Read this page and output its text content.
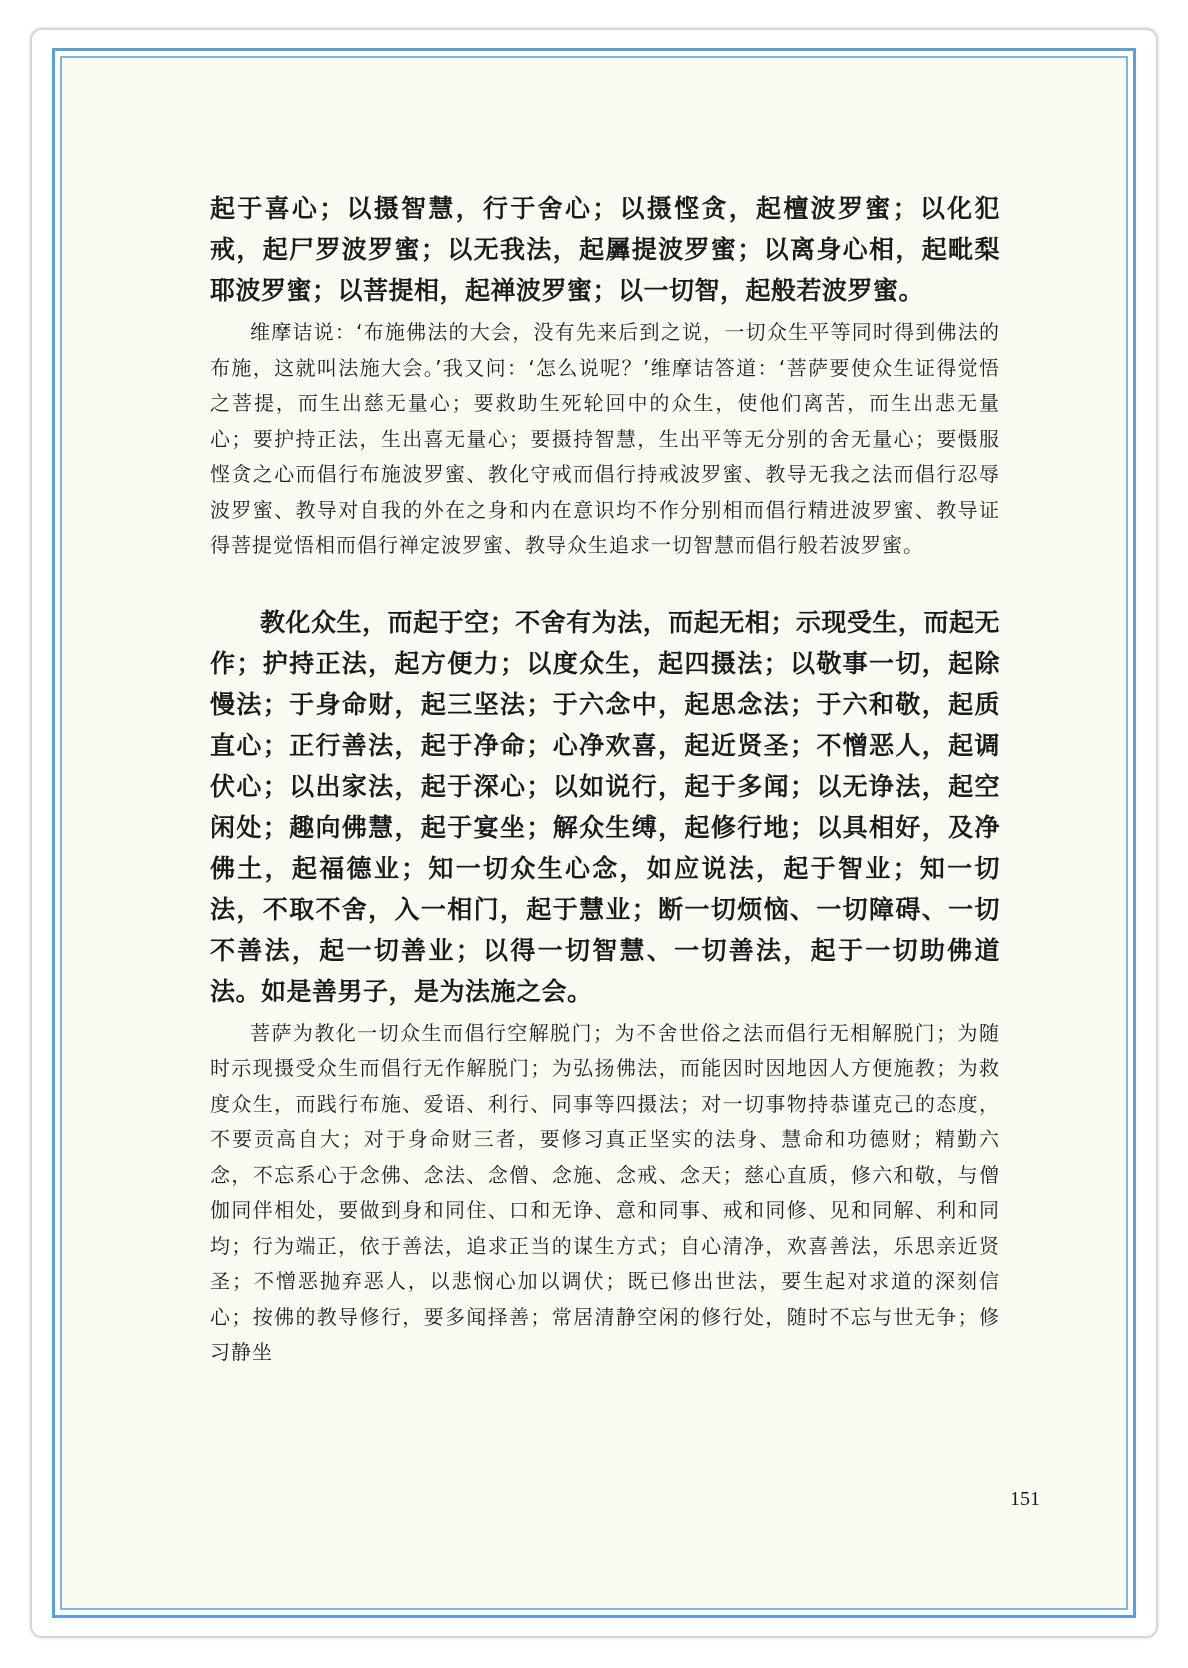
起于喜心；以摄智慧，行于舍心；以摄悭贪，起檀波罗蜜；以化犯戒，起尸罗波罗蜜；以无我法，起羼提波罗蜜；以离身心相，起毗梨耶波罗蜜；以菩提相，起禅波罗蜜；以一切智，起般若波罗蜜。

维摩诘说：‘布施佛法的大会，没有先来后到之说，一切众生平等同时得到佛法的布施，这就叫法施大会。’我又问：‘怎么说呢？’维摩诘答道：‘菩萨要使众生证得觉悟之菩提，而生出慈无量心；要救助生死轮回中的众生，使他们离苦，而生出悲无量心；要护持正法，生出喜无量心；要摄持智慧，生出平等无分别的舍无量心；要慑服悭贪之心而倡行布施波罗蜜、教化守戒而倡行持戒波罗蜜、教导无我之法而倡行忍辱波罗蜜、教导对自我的外在之身和内在意识均不作分别相而倡行精进波罗蜜、教导证得菩提觉悟相而倡行禅定波罗蜜、教导众生追求一切智慧而倡行般若波罗蜜。

教化众生，而起于空；不舍有为法，而起无相；示现受生，而起无作；护持正法，起方便力；以度众生，起四摄法；以敬事一切，起除慢法；于身命财，起三坚法；于六念中，起思念法；于六和敬，起质直心；正行善法，起于净命；心净欢喜，起近贤圣；不憎恶人，起调伏心；以出家法，起于深心；以如说行，起于多闻；以无诤法，起空闲处；趣向佛慧，起于宴坐；解众生缚，起修行地；以具相好，及净佛土，起福德业；知一切众生心念，如应说法，起于智业；知一切法，不取不舍，入一相门，起于慧业；断一切烦恼、一切障碍、一切不善法，起一切善业；以得一切智慧、一切善法，起于一切助佛道法。如是善男子，是为法施之会。

菩萨为教化一切众生而倡行空解脱门；为不舍世俗之法而倡行无相解脱门；为随时示现摄受众生而倡行无作解脱门；为弘扬佛法，而能因时因地因人方便施教；为救度众生，而践行布施、爱语、利行、同事等四摄法；对一切事物持恭谨克己的态度，不要贡高自大；对于身命财三者，要修习真正坚实的法身、慧命和功德财；精勤六念，不忘系心于念佛、念法、念僧、念施、念戒、念天；慈心直质，修六和敬，与僧伽同伴相处，要做到身和同住、口和无诤、意和同事、戒和同修、见和同解、利和同均；行为端正，依于善法，追求正当的谋生方式；自心清净，欢喜善法，乐思亲近贤圣；不憎恶抛弃恶人，以悲悯心加以调伏；既已修出世法，要生起对求道的深刻信心；按佛的教导修行，要多闻择善；常居清静空闲的修行处，随时不忘与世无争；修习静坐

151
